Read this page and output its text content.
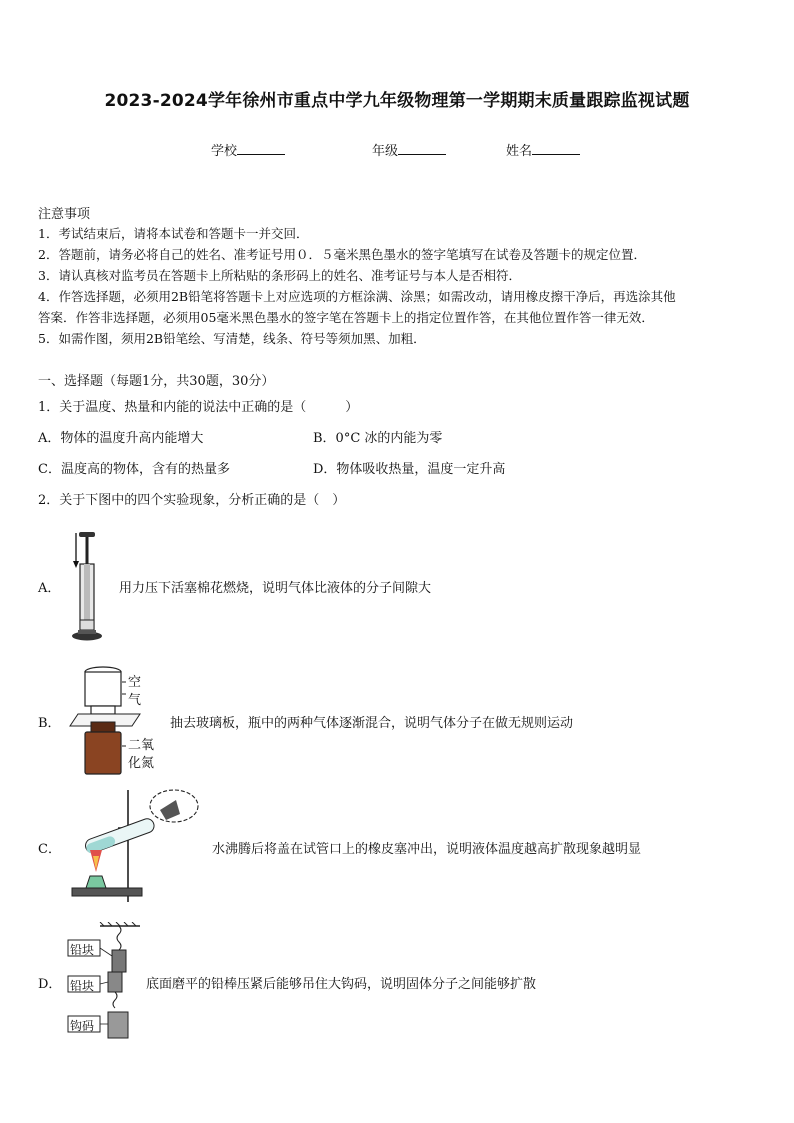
2023-2024学年徐州市重点中学九年级物理第一学期期末质量跟踪监视试题
学校	年级	姓名
注意事项
1．考试结束后，请将本试卷和答题卡一并交回．
2．答题前，请务必将自己的姓名、准考证号用０．５毫米黑色墨水的签字笔填写在试卷及答题卡的规定位置．
3．请认真核对监考员在答题卡上所粘贴的条形码上的姓名、准考证号与本人是否相符．
4．作答选择题，必须用2B铅笔将答题卡上对应选项的方框涂满、涂黑；如需改动，请用橡皮擦干净后，再选涂其他
答案．作答非选择题，必须用05毫米黑色墨水的签字笔在答题卡上的指定位置作答，在其他位置作答一律无效．
5．如需作图，须用2B铅笔绘、写清楚，线条、符号等须加黑、加粗．
一、选择题（每题1分，共30题，30分）
1．关于温度、热量和内能的说法中正确的是（　　　）
A．物体的温度升高内能增大	B．0°C 冰的内能为零
C．温度高的物体，含有的热量多	D．物体吸收热量，温度一定升高
2．关于下图中的四个实验现象，分析正确的是（　）
A．	用力压下活塞棉花燃烧，说明气体比液体的分子间隙大
B．
空
气
二氧
化氮
抽去玻璃板，瓶中的两种气体逐渐混合，说明气体分子在做无规则运动
C．	水沸腾后将盖在试管口上的橡皮塞冲出，说明液体温度越高扩散现象越明显
D．
铅块
铅块
钩码
底面磨平的铅棒压紧后能够吊住大钩码，说明固体分子之间能够扩散
